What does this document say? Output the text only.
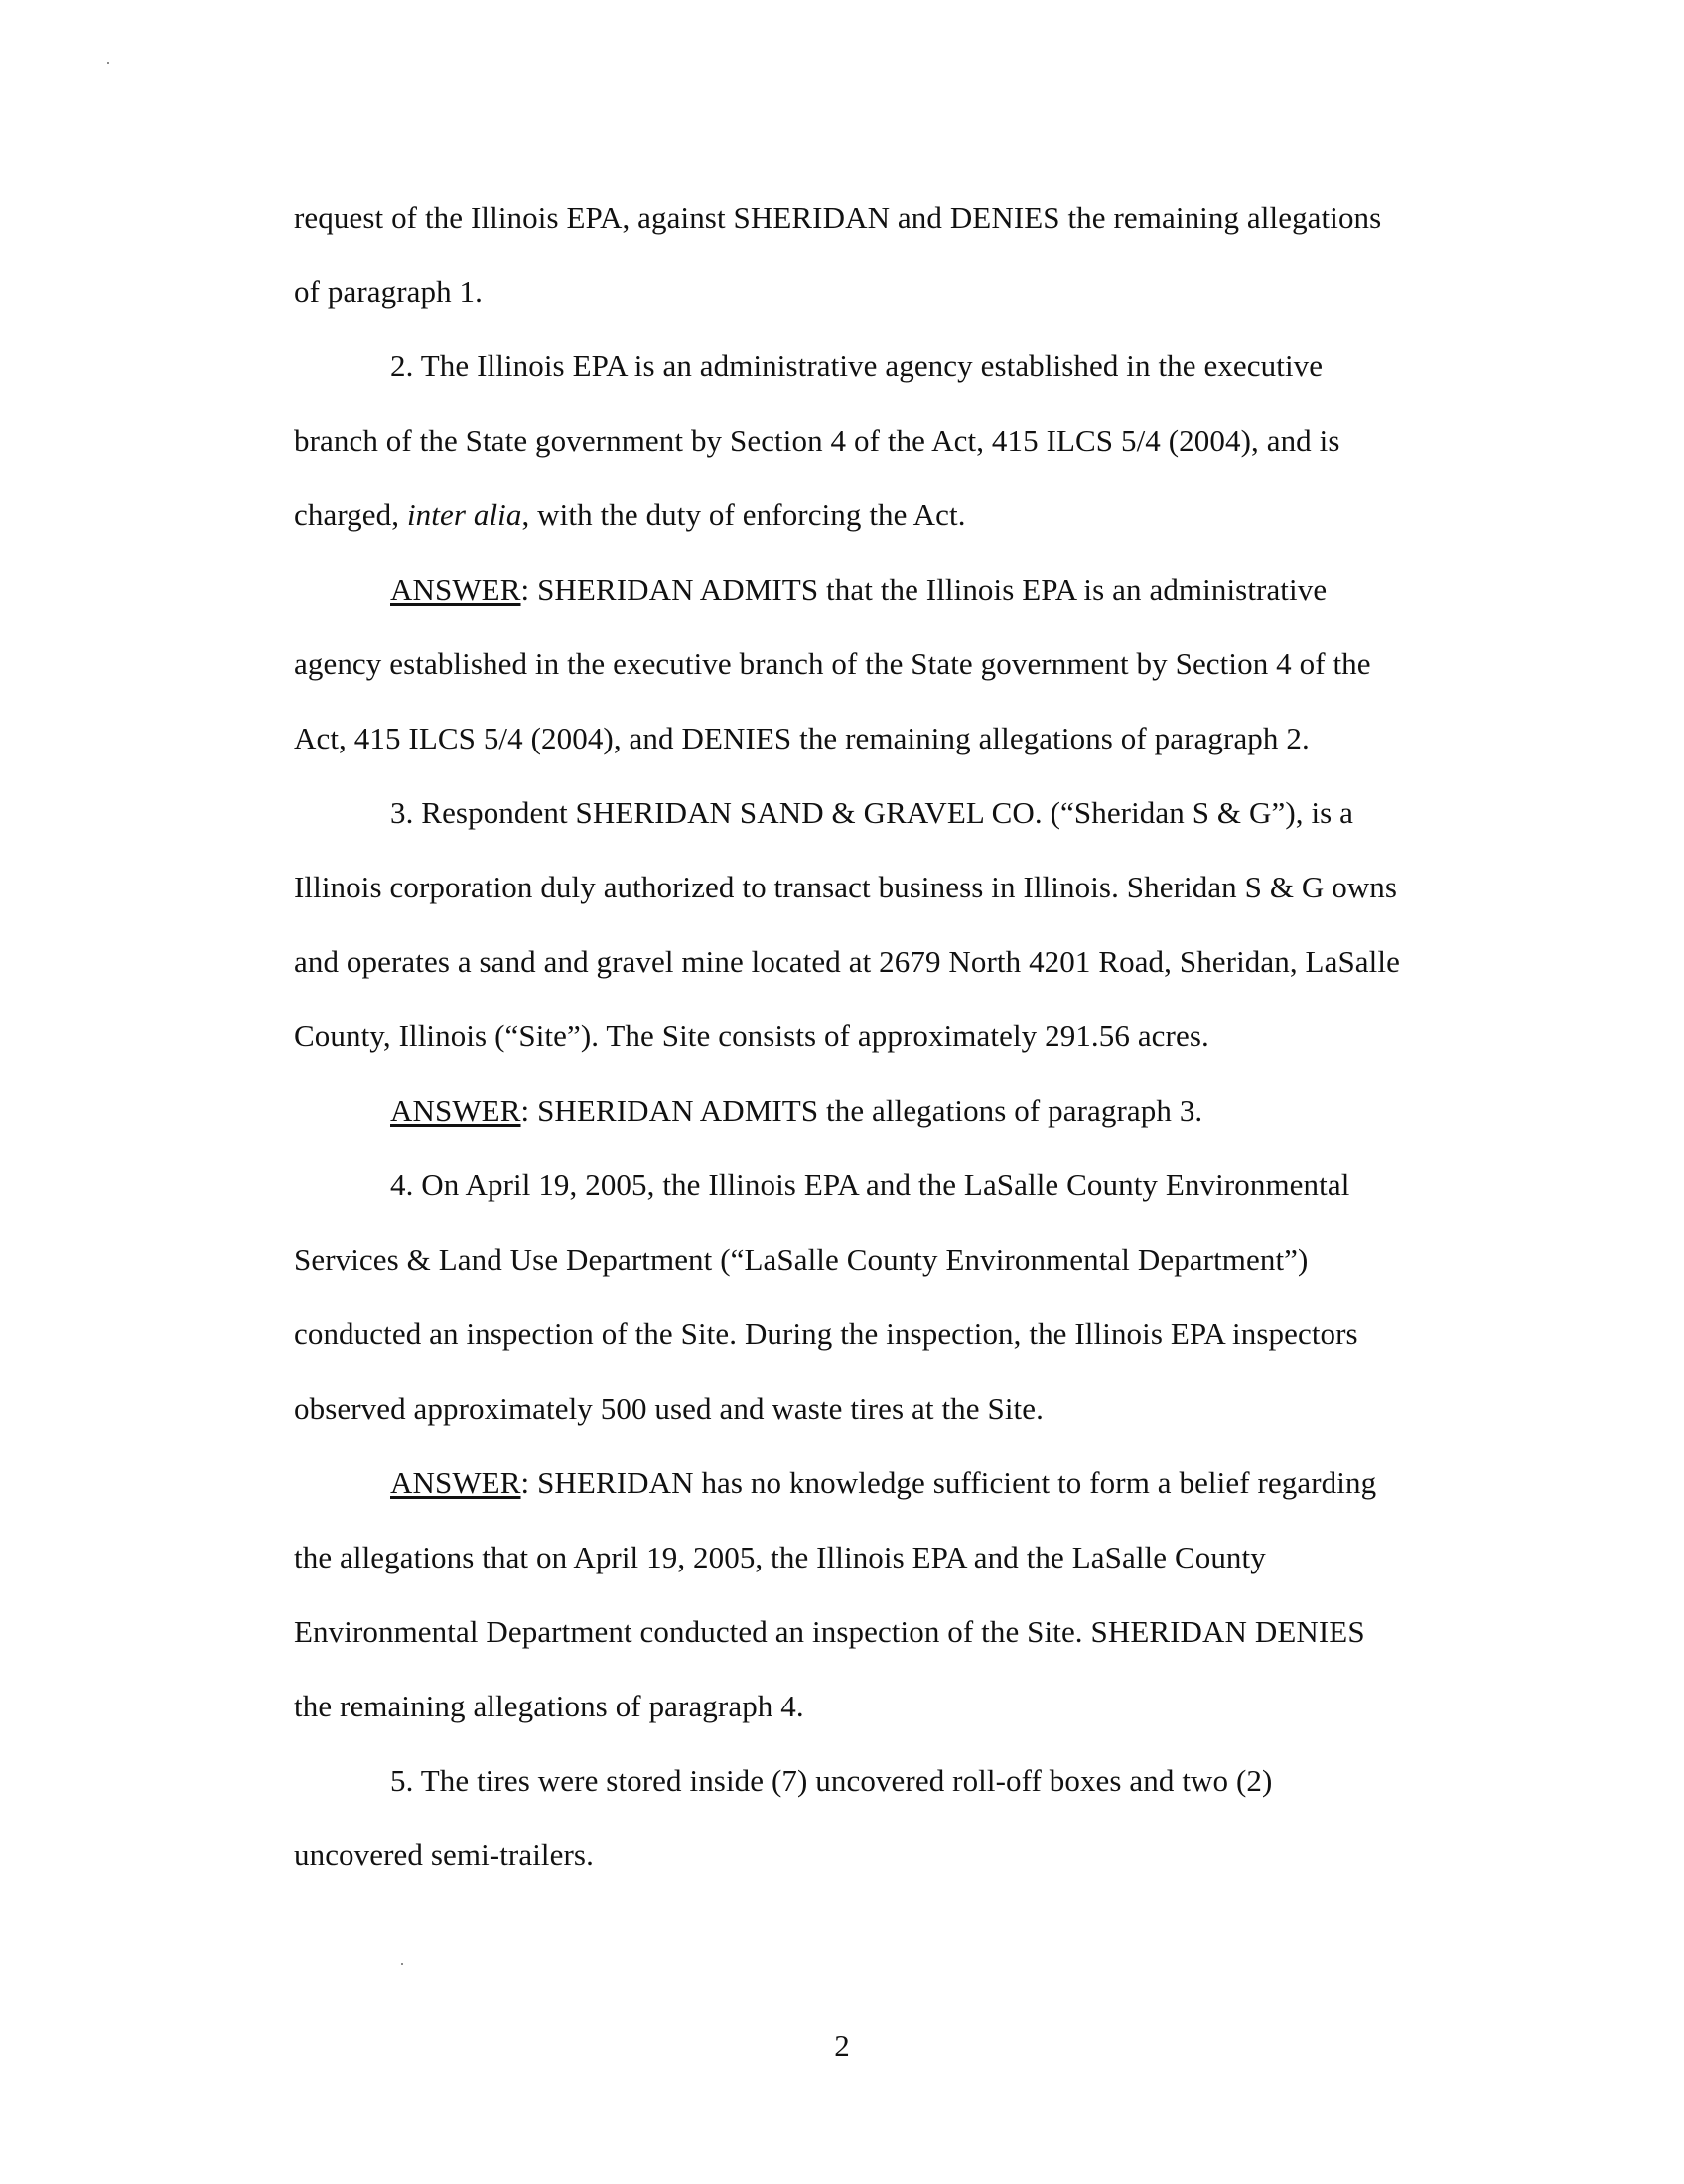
request of the Illinois EPA, against SHERIDAN and DENIES the remaining allegations
of paragraph 1.
2. The Illinois EPA is an administrative agency established in the executive
branch of the State government by Section 4 of the Act, 415 ILCS 5/4 (2004), and is
charged, inter alia, with the duty of enforcing the Act.
ANSWER: SHERIDAN ADMITS that the Illinois EPA is an administrative
agency established in the executive branch of the State government by Section 4 of the
Act, 415 ILCS 5/4 (2004), and DENIES the remaining allegations of paragraph 2.
3. Respondent SHERIDAN SAND & GRAVEL CO. (“Sheridan S & G”), is a
Illinois corporation duly authorized to transact business in Illinois. Sheridan S & G owns
and operates a sand and gravel mine located at 2679 North 4201 Road, Sheridan, LaSalle
County, Illinois (“Site”). The Site consists of approximately 291.56 acres.
ANSWER: SHERIDAN ADMITS the allegations of paragraph 3.
4. On April 19, 2005, the Illinois EPA and the LaSalle County Environmental
Services & Land Use Department (“LaSalle County Environmental Department”)
conducted an inspection of the Site. During the inspection, the Illinois EPA inspectors
observed approximately 500 used and waste tires at the Site.
ANSWER: SHERIDAN has no knowledge sufficient to form a belief regarding
the allegations that on April 19, 2005, the Illinois EPA and the LaSalle County
Environmental Department conducted an inspection of the Site. SHERIDAN DENIES
the remaining allegations of paragraph 4.
5. The tires were stored inside (7) uncovered roll-off boxes and two (2)
uncovered semi-trailers.
2
